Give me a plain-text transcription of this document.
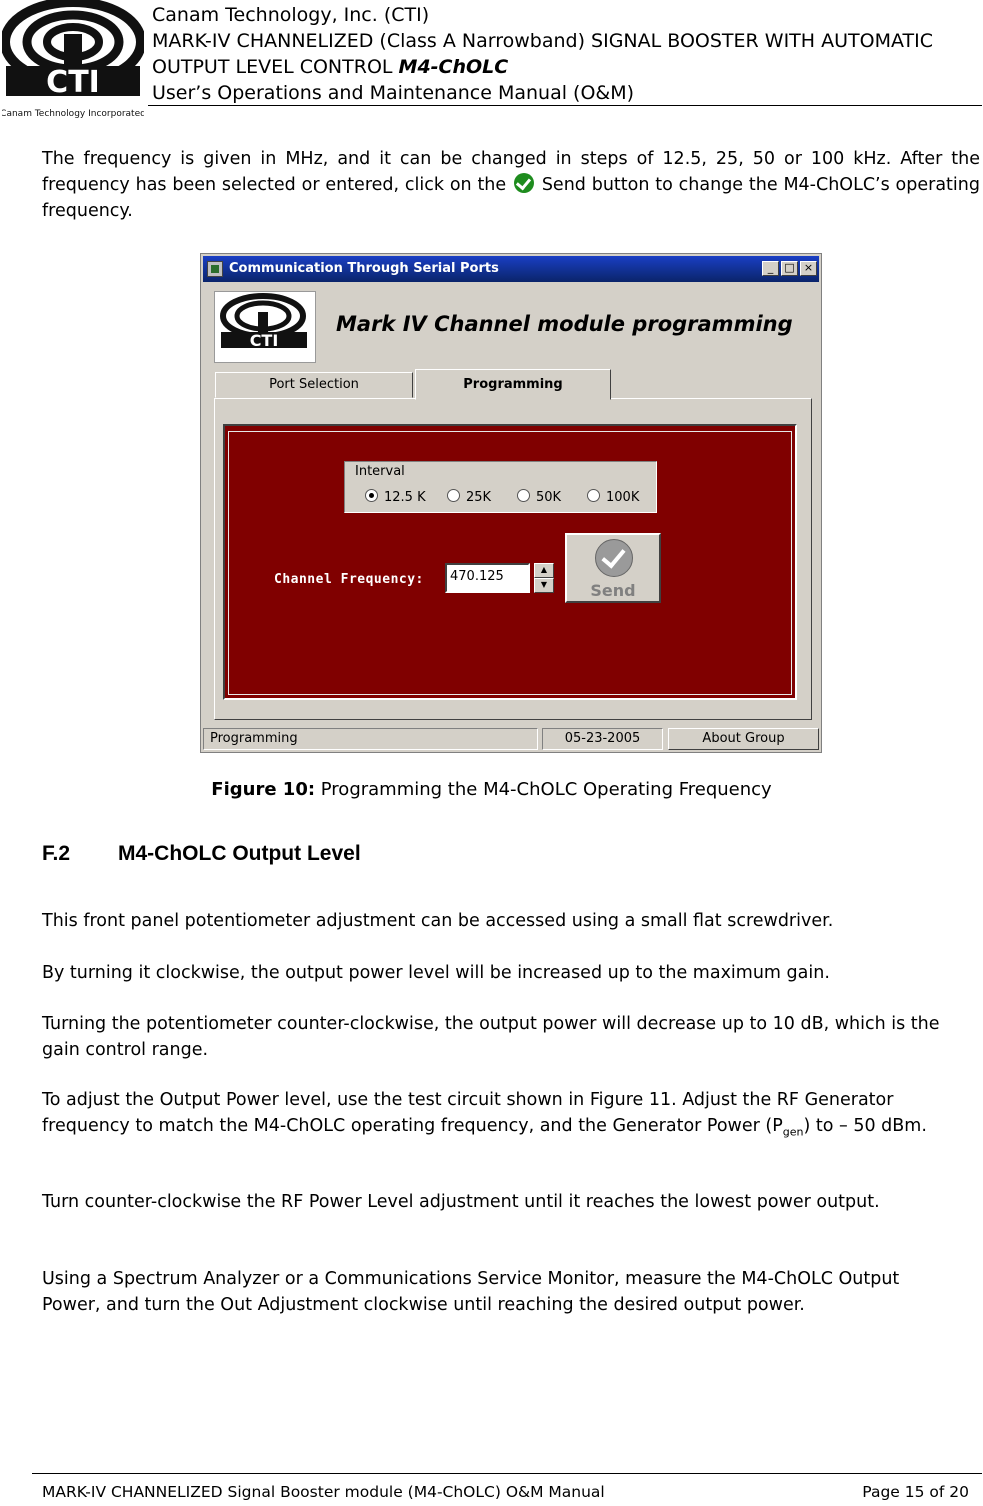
CTI
Canam Technology Incorporated
Canam Technology, Inc. (CTI)
MARK-IV CHANNELIZED (Class A Narrowband) SIGNAL BOOSTER WITH AUTOMATIC
OUTPUT LEVEL CONTROL M4-ChOLC
User’s Operations and Maintenance Manual (O&M)
The frequency is given in MHz, and it can be changed in steps of 12.5, 25, 50 or 100 kHz. After the frequency has been selected or entered, click on the  Send button to change the M4-ChOLC’s operating frequency.
Communication Through Serial Ports	_	□ ×
CTI
Mark IV Channel module programming
Port Selection	Programming
Interval
12.5 K	25K	50K	100K
Channel Frequency:	470.125	▲
▼	Send
Programming	05-23-2005	About Group
Figure 10: Programming the M4-ChOLC Operating Frequency
F.2 M4-ChOLC Output Level
This front panel potentiometer adjustment can be accessed using a small flat screwdriver.
By turning it clockwise, the output power level will be increased up to the maximum gain.
Turning the potentiometer counter-clockwise, the output power will decrease up to 10 dB, which is the gain control range.
To adjust the Output Power level, use the test circuit shown in Figure 11. Adjust the RF Generator frequency to match the M4-ChOLC operating frequency, and the Generator Power $(P_{gen})$ to – 50 dBm.
Turn counter-clockwise the RF Power Level adjustment until it reaches the lowest power output.
Using a Spectrum Analyzer or a Communications Service Monitor, measure the M4-ChOLC Output Power, and turn the Out Adjustment clockwise until reaching the desired output power.
MARK-IV CHANNELIZED Signal Booster module (M4-ChOLC) O&M Manual	Page 15 of 20
